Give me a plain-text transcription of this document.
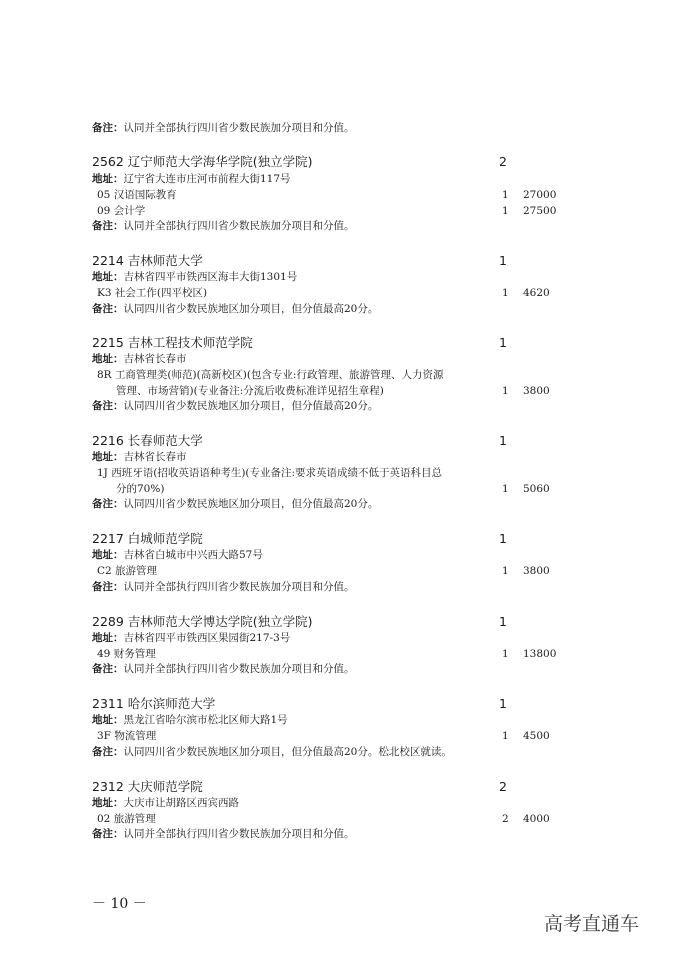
备注：认同并全部执行四川省少数民族加分项目和分值。
2562 辽宁师范大学海华学院(独立学院)	2
地址：辽宁省大连市庄河市前程大街117号
05 汉语国际教育	1 27000
09 会计学	1 27500
备注：认同并全部执行四川省少数民族加分项目和分值。
2214 吉林师范大学	1
地址：吉林省四平市铁西区海丰大街1301号
K3 社会工作(四平校区)	1 4620
备注：认同四川省少数民族地区加分项目，但分值最高20分。
2215 吉林工程技术师范学院	1
地址：吉林省长春市
8R 工商管理类(师范)(高新校区)(包含专业:行政管理、旅游管理、人力资源
管理、市场营销)(专业备注:分流后收费标准详见招生章程)	1 3800
备注：认同四川省少数民族地区加分项目，但分值最高20分。
2216 长春师范大学	1
地址：吉林省长春市
1J 西班牙语(招收英语语种考生)(专业备注:要求英语成绩不低于英语科目总
分的70%)	1 5060
备注：认同四川省少数民族地区加分项目，但分值最高20分。
2217 白城师范学院	1
地址：吉林省白城市中兴西大路57号
C2 旅游管理	1 3800
备注：认同并全部执行四川省少数民族加分项目和分值。
2289 吉林师范大学博达学院(独立学院)	1
地址：吉林省四平市铁西区果园街217-3号
49 财务管理	1 13800
备注：认同并全部执行四川省少数民族加分项目和分值。
2311 哈尔滨师范大学	1
地址：黑龙江省哈尔滨市松北区师大路1号
3F 物流管理	1 4500
备注：认同四川省少数民族地区加分项目，但分值最高20分。松北校区就读。
2312 大庆师范学院	2
地址：大庆市让胡路区西宾西路
02 旅游管理	2 4000
备注：认同并全部执行四川省少数民族加分项目和分值。
－ 10 －
高考直通车
